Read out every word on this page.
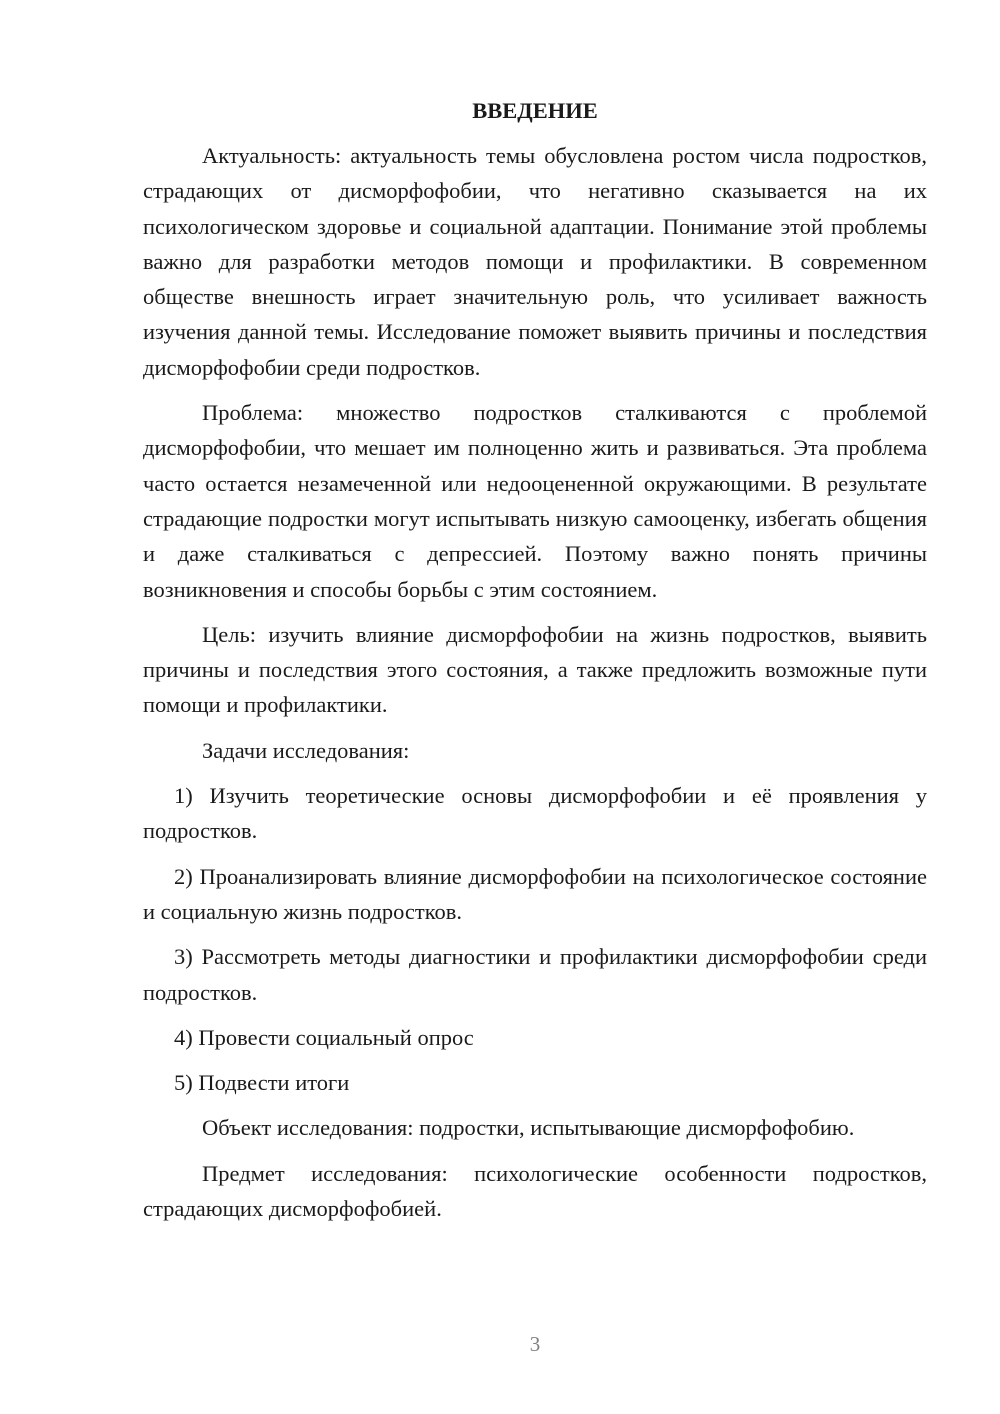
ВВЕДЕНИЕ

Актуальность: актуальность темы обусловлена ростом числа подростков, страдающих от дисморфофобии, что негативно сказывается на их психологическом здоровье и социальной адаптации. Понимание этой проблемы важно для разработки методов помощи и профилактики. В современном обществе внешность играет значительную роль, что усиливает важность изучения данной темы. Исследование поможет выявить причины и последствия дисморфофобии среди подростков.

Проблема: множество подростков сталкиваются с проблемой дисморфофобии, что мешает им полноценно жить и развиваться. Эта проблема часто остается незамеченной или недооцененной окружающими. В результате страдающие подростки могут испытывать низкую самооценку, избегать общения и даже сталкиваться с депрессией. Поэтому важно понять причины возникновения и способы борьбы с этим состоянием.

Цель: изучить влияние дисморфофобии на жизнь подростков, выявить причины и последствия этого состояния, а также предложить возможные пути помощи и профилактики.

Задачи исследования:

1) Изучить теоретические основы дисморфофобии и её проявления у подростков.

2) Проанализировать влияние дисморфофобии на психологическое состояние и социальную жизнь подростков.

3) Рассмотреть методы диагностики и профилактики дисморфофобии среди подростков.

4) Провести социальный опрос

5) Подвести итоги

Объект исследования: подростки, испытывающие дисморфофобию.

Предмет исследования: психологические особенности подростков, страдающих дисморфофобией.

3
